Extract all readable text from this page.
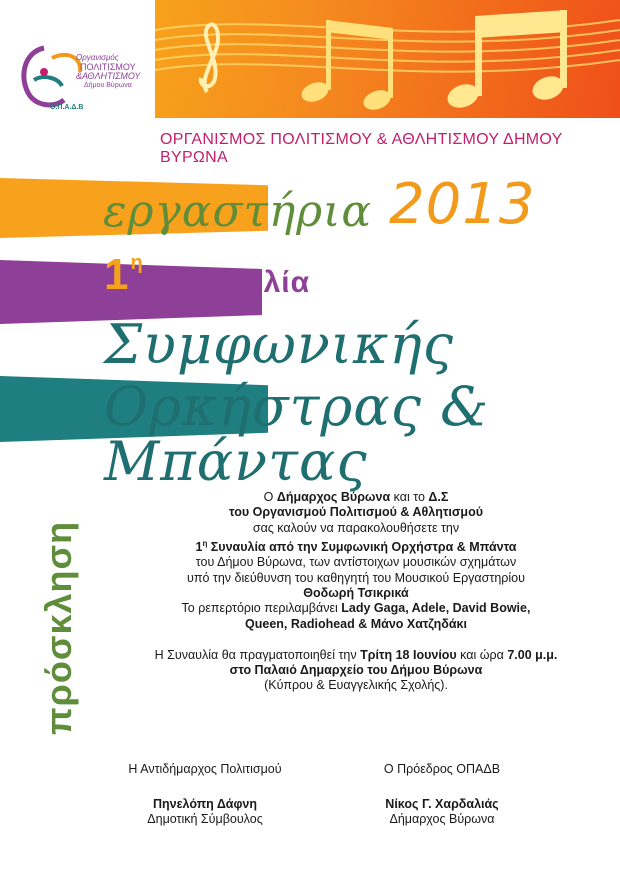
Οργανισμός
ΠΟΛΙΤΙΣΜΟΥ
&ΑΘΛΗΤΙΣΜΟΥ
Δήμου Βύρωνα
Ο.Π.Α.Δ.Β
ΟΡΓΑΝΙΣΜΟΣ ΠΟΛΙΤΙΣΜΟΥ & ΑΘΛΗΤΙΣΜΟΥ ΔΗΜΟΥ ΒΥΡΩΝΑ
εργαστήρια 2013
1 $^\eta$
συναυλία
Συμφωνικής
Ορκήστρας &
Μπάντας
πρόσκληση

Ο Δήμαρχος Βύρωνα και το Δ.Σ

του Οργανισμού Πολιτισμού & Αθλητισμού

σας καλούν να παρακολουθήσετε την

$1^\eta$ Συναυλία από την Συμφωνική Ορχήστρα & Μπάντα

του Δήμου Βύρωνα, των αντίστοιχων μουσικών σχημάτων

υπό την διεύθυνση του καθηγητή του Μουσικού Εργαστηρίου

Θοδωρή Τσικρικά

Το ρεπερτόριο περιλαμβάνει Lady Gaga, Adele, David Bowie,

Queen, Radiohead & Μάνο Χατζηδάκι

Η Συναυλία θα πραγματοποιηθεί την Τρίτη 18 Ιουνίου και ώρα 7.00 μ.μ.

στο Παλαιό Δημαρχείο του Δήμου Βύρωνα

(Κύπρου & Ευαγγελικής Σχολής).

Η Αντιδήμαρχος Πολιτισμού

Πηνελόπη Δάφνη

Δημοτική Σύμβουλος

Ο Πρόεδρος ΟΠΑΔΒ

Νίκος Γ. Χαρδαλιάς

Δήμαρχος Βύρωνα
